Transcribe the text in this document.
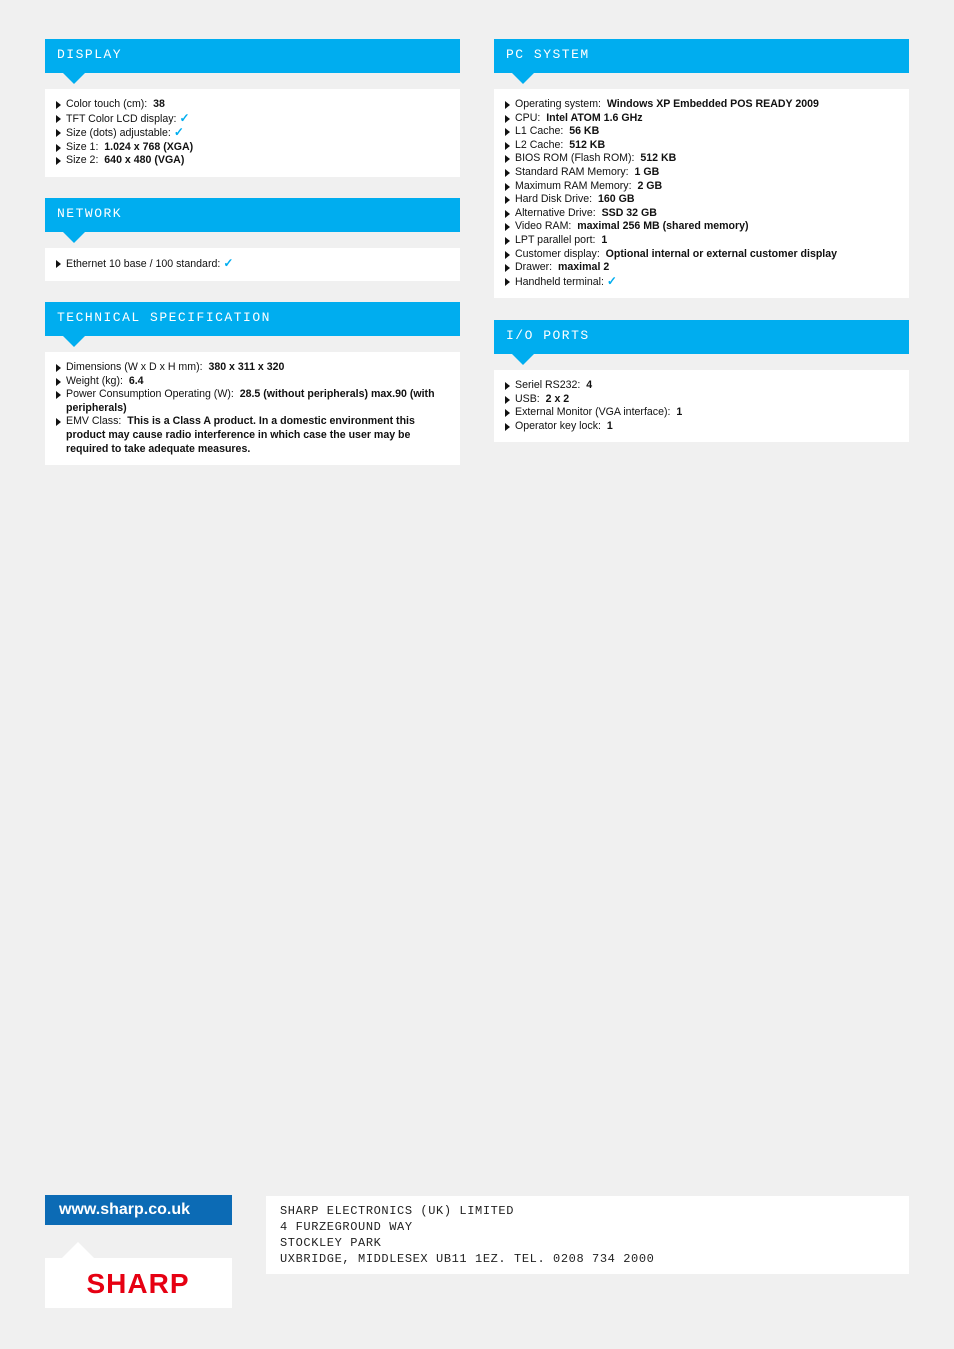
DISPLAY
Color touch (cm): 38
TFT Color LCD display: ✓
Size (dots) adjustable: ✓
Size 1: 1.024 x 768 (XGA)
Size 2: 640 x 480 (VGA)
NETWORK
Ethernet 10 base / 100 standard: ✓
TECHNICAL SPECIFICATION
Dimensions (W x D x H mm): 380 x 311 x 320
Weight (kg): 6.4
Power Consumption Operating (W): 28.5 (without peripherals) max.90 (with peripherals)
EMV Class: This is a Class A product. In a domestic environment this product may cause radio interference in which case the user may be required to take adequate measures.
PC SYSTEM
Operating system: Windows XP Embedded POS READY 2009
CPU: Intel ATOM 1.6 GHz
L1 Cache: 56 KB
L2 Cache: 512 KB
BIOS ROM (Flash ROM): 512 KB
Standard RAM Memory: 1 GB
Maximum RAM Memory: 2 GB
Hard Disk Drive: 160 GB
Alternative Drive: SSD 32 GB
Video RAM: maximal 256 MB (shared memory)
LPT parallel port: 1
Customer display: Optional internal or external customer display
Drawer: maximal 2
Handheld terminal: ✓
I/O PORTS
Seriel RS232: 4
USB: 2 x 2
External Monitor (VGA interface): 1
Operator key lock: 1
www.sharp.co.uk
SHARP
SHARP ELECTRONICS (UK) LIMITED
4 FURZEGROUND WAY
STOCKLEY PARK
UXBRIDGE, MIDDLESEX UB11 1EZ. TEL. 0208 734 2000
